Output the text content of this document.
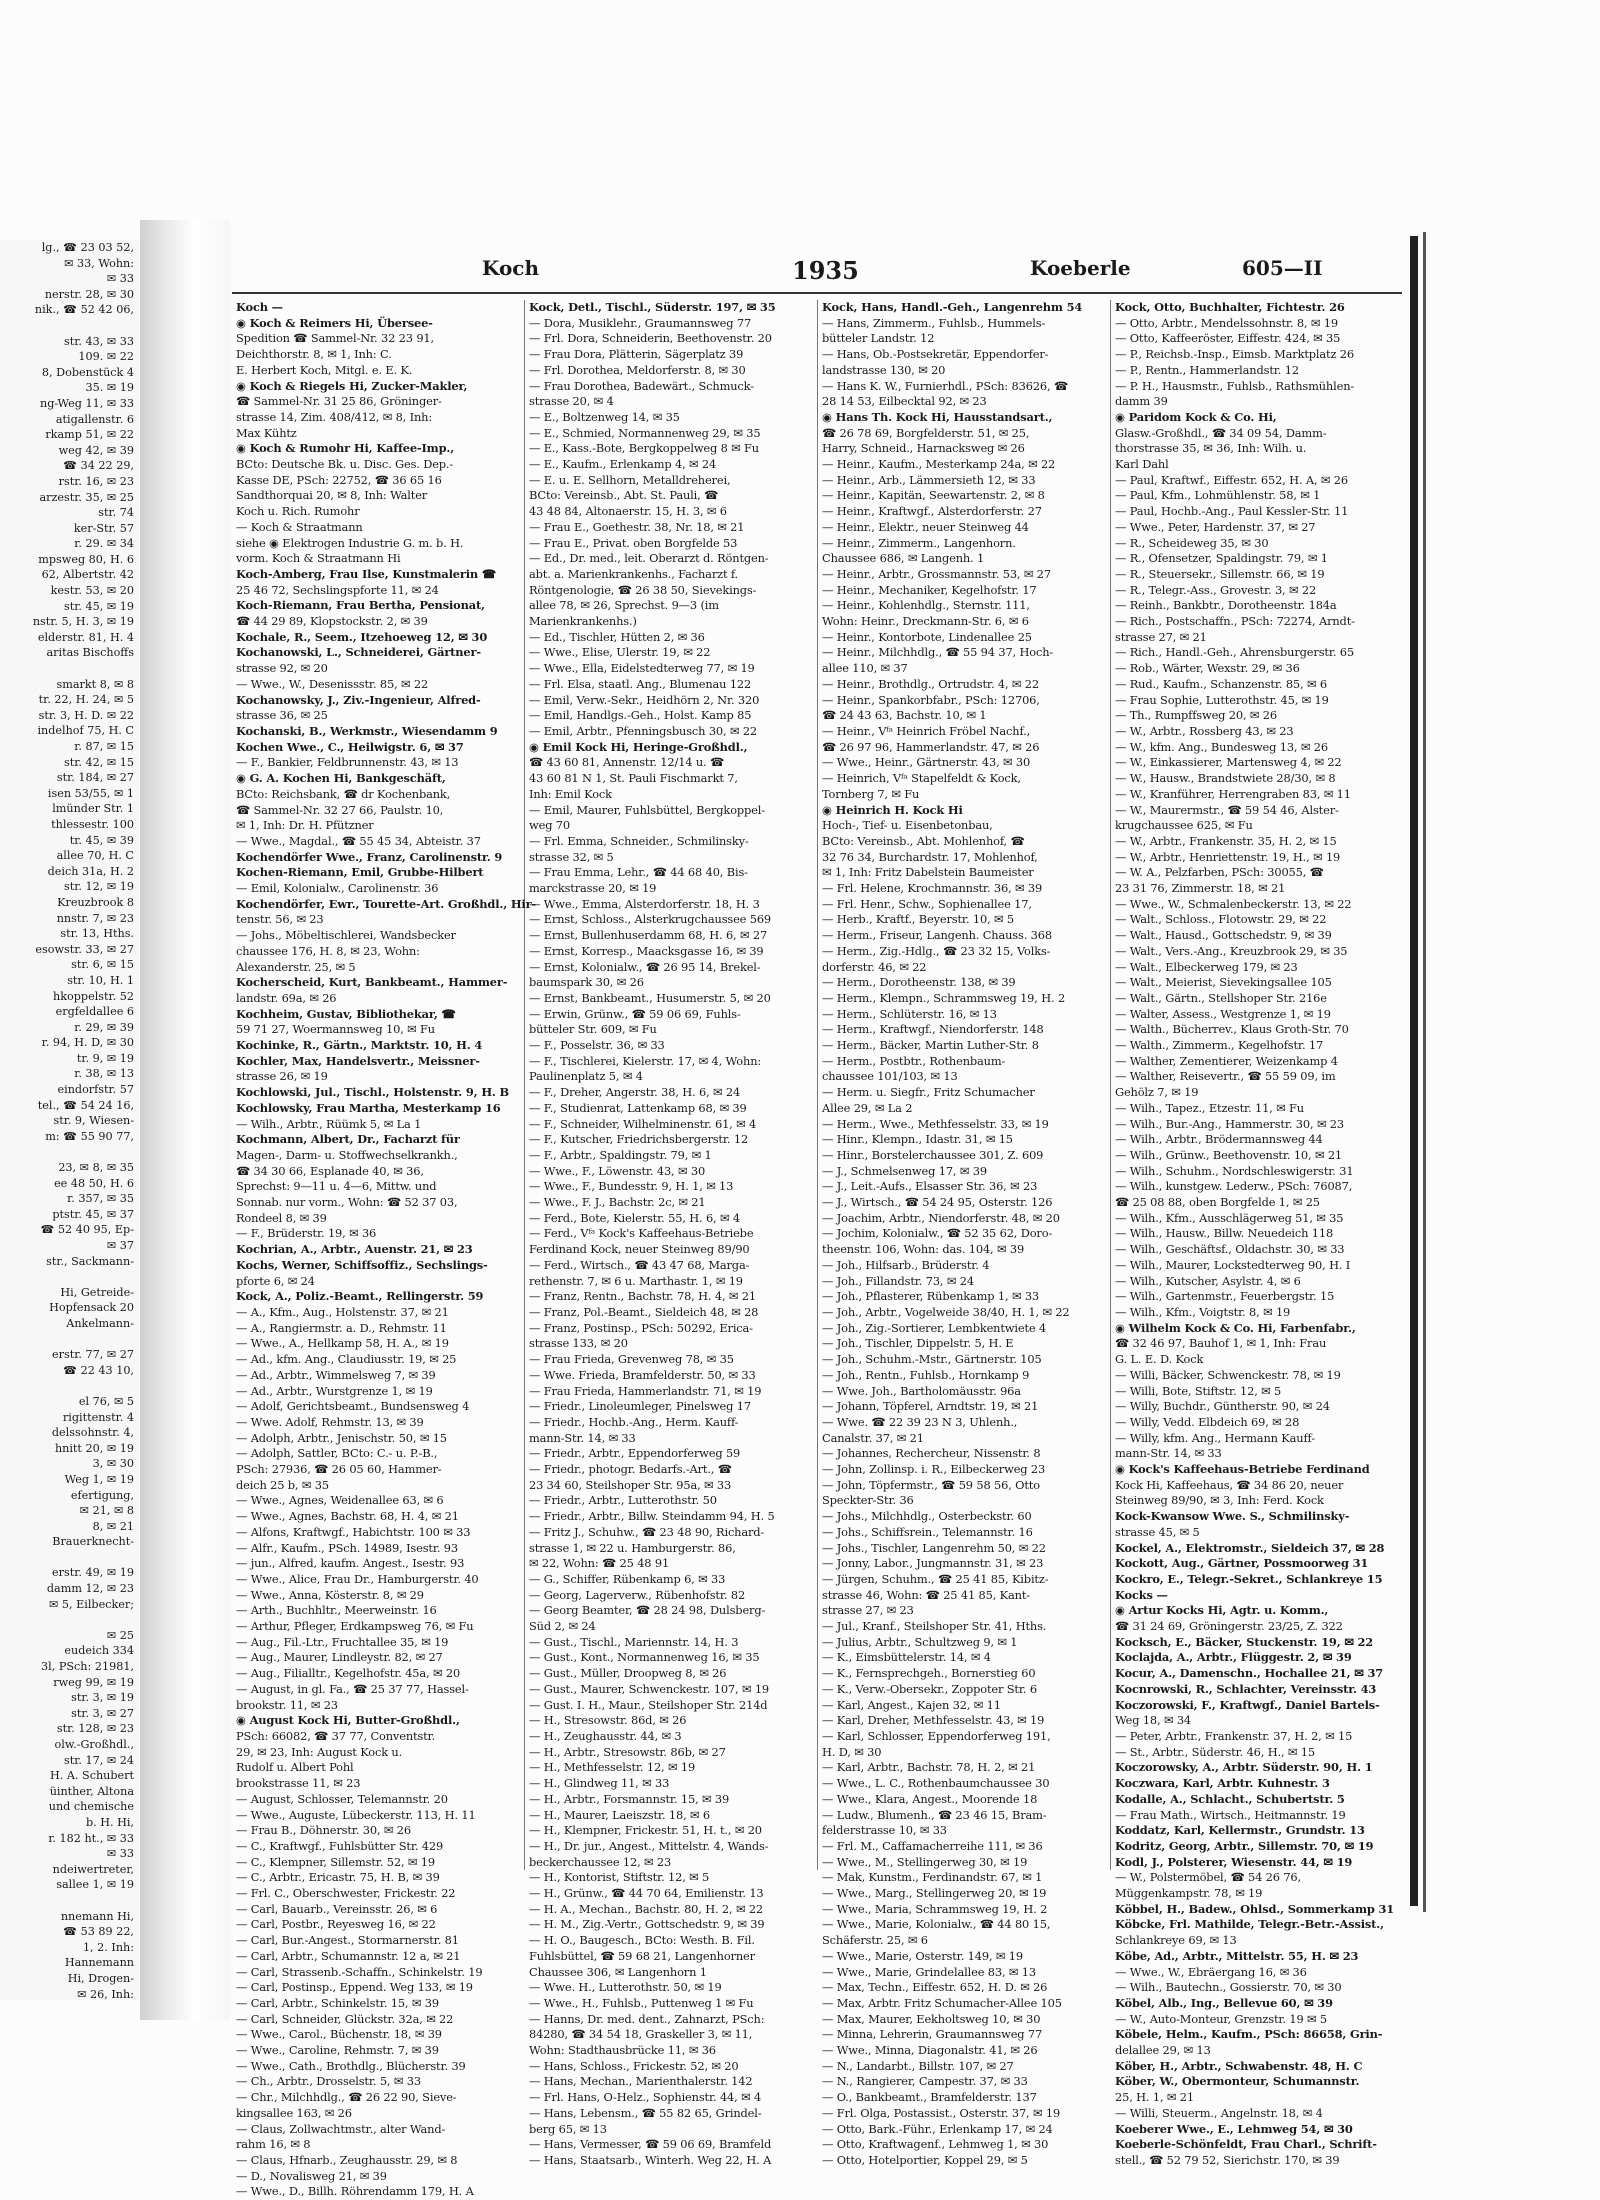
lg., ☎ 23 03 52,
✉ 33, Wohn:
✉ 33
nerstr. 28, ✉ 30
nik., ☎ 52 42 06,

str. 43, ✉ 33
109. ✉ 22
8, Dobenstück 4
35. ✉ 19
ng-Weg 11, ✉ 33
atigallenstr. 6
rkamp 51, ✉ 22
weg 42, ✉ 39
☎ 34 22 29,
rstr. 16, ✉ 23
arzestr. 35, ✉ 25
str. 74
ker-Str. 57
r. 29. ✉ 34
mpsweg 80, H. 6
62, Albertstr. 42
kestr. 53, ✉ 20
str. 45, ✉ 19
nstr. 5, H. 3, ✉ 19
elderstr. 81, H. 4
aritas Bischoffs

smarkt 8, ✉ 8
tr. 22, H. 24, ✉ 5
str. 3, H. D. ✉ 22
indelhof 75, H. C
r. 87, ✉ 15
str. 42, ✉ 15
str. 184, ✉ 27
isen 53/55, ✉ 1
lmünder Str. 1
thlessestr. 100
tr. 45, ✉ 39
allee 70, H. C
deich 31a, H. 2
str. 12, ✉ 19
Kreuzbrook 8
nnstr. 7, ✉ 23
str. 13, Hths.
esowstr. 33, ✉ 27
str. 6, ✉ 15
str. 10, H. 1
hkoppelstr. 52
ergfeldallee 6
r. 29, ✉ 39
r. 94, H. D, ✉ 30
tr. 9, ✉ 19
r. 38, ✉ 13
eindorfstr. 57
tel., ☎ 54 24 16,
str. 9, Wiesen-
m: ☎ 55 90 77,

23, ✉ 8, ✉ 35
ee 48 50, H. 6
r. 357, ✉ 35
ptstr. 45, ✉ 37
☎ 52 40 95, Ep-
✉ 37
str., Sackmann-

Hi, Getreide-
Hopfensack 20
Ankelmann-

erstr. 77, ✉ 27
☎ 22 43 10,

el 76, ✉ 5
rigittenstr. 4
delssohnstr. 4,
hnitt 20, ✉ 19
3, ✉ 30
Weg 1, ✉ 19
efertigung,
✉ 21, ✉ 8
8, ✉ 21
Brauerknecht-

erstr. 49, ✉ 19
damm 12, ✉ 23
✉ 5, Eilbecker;

✉ 25
eudeich 334
3l, PSch: 21981,
rweg 99, ✉ 19
str. 3, ✉ 19
str. 3, ✉ 27
str. 128, ✉ 23
olw.-Großhdl.,
str. 17, ✉ 24
H. A. Schubert
üinther, Altona
und chemische
b. H. Hi,
r. 182 ht., ✉ 33
✉ 33
ndeiwertreter,
sallee 1, ✉ 19

nnemann Hi,
☎ 53 89 22,
1, 2. Inh:
Hannemann
Hi, Drogen-
✉ 26, Inh:
Koch	1935	Koeberle	605—II
Koch —
◉ Koch & Reimers Hi, Übersee-
Spedition ☎ Sammel-Nr. 32 23 91,
Deichthorstr. 8, ✉ 1, Inh: C.
E. Herbert Koch, Mitgl. e. E. K.
◉ Koch & Riegels Hi, Zucker-Makler,
☎ Sammel-Nr. 31 25 86, Gröninger-
strasse 14, Zim. 408/412, ✉ 8, Inh:
Max Kühtz
◉ Koch & Rumohr Hi, Kaffee-Imp.,
BCto: Deutsche Bk. u. Disc. Ges. Dep.-
Kasse DE, PSch: 22752, ☎ 36 65 16
Sandthorquai 20, ✉ 8, Inh: Walter
Koch u. Rich. Rumohr
— Koch & Straatmann
siehe ◉ Elektrogen Industrie G. m. b. H.
vorm. Koch & Straatmann Hi
Koch-Amberg, Frau Ilse, Kunstmalerin ☎
25 46 72, Sechslingspforte 11, ✉ 24
Koch-Riemann, Frau Bertha, Pensionat,
☎ 44 29 89, Klopstockstr. 2, ✉ 39
Kochale, R., Seem., Itzehoeweg 12, ✉ 30
Kochanowski, L., Schneiderei, Gärtner-
strasse 92, ✉ 20
— Wwe., W., Desenissstr. 85, ✉ 22
Kochanowsky, J., Ziv.-Ingenieur, Alfred-
strasse 36, ✉ 25
Kochanski, B., Werkmstr., Wiesendamm 9
Kochen Wwe., C., Heilwigstr. 6, ✉ 37
— F., Bankier, Feldbrunnenstr. 43, ✉ 13
◉ G. A. Kochen Hi, Bankgeschäft,
BCto: Reichsbank, ☎ dr Kochenbank,
☎ Sammel-Nr. 32 27 66, Paulstr. 10,
✉ 1, Inh: Dr. H. Pfützner
— Wwe., Magdal., ☎ 55 45 34, Abteistr. 37
Kochendörfer Wwe., Franz, Carolinenstr. 9
Kochen-Riemann, Emil, Grubbe-Hilbert
— Emil, Kolonialw., Carolinenstr. 36
Kochendörfer, Ewr., Tourette-Art. Großhdl., Hir-
tenstr. 56, ✉ 23
— Johs., Möbeltischlerei, Wandsbecker
chaussee 176, H. 8, ✉ 23, Wohn:
Alexanderstr. 25, ✉ 5
Kocherscheid, Kurt, Bankbeamt., Hammer-
landstr. 69a, ✉ 26
Kochheim, Gustav, Bibliothekar, ☎
59 71 27, Woermannsweg 10, ✉ Fu
Kochinke, R., Gärtn., Marktstr. 10, H. 4
Kochler, Max, Handelsvertr., Meissner-
strasse 26, ✉ 19
Kochlowski, Jul., Tischl., Holstenstr. 9, H. B
Kochlowsky, Frau Martha, Mesterkamp 16
— Wilh., Arbtr., Rüümk 5, ✉ La 1
Kochmann, Albert, Dr., Facharzt für
Magen-, Darm- u. Stoffwechselkrankh.,
☎ 34 30 66, Esplanade 40, ✉ 36,
Sprechst: 9—11 u. 4—6, Mittw. und
Sonnab. nur vorm., Wohn: ☎ 52 37 03,
Rondeel 8, ✉ 39
— F., Brüderstr. 19, ✉ 36
Kochrian, A., Arbtr., Auenstr. 21, ✉ 23
Kochs, Werner, Schiffsoffiz., Sechslings-
pforte 6, ✉ 24
Kock, A., Poliz.-Beamt., Rellingerstr. 59
— A., Kfm., Aug., Holstenstr. 37, ✉ 21
— A., Rangiermstr. a. D., Rehmstr. 11
— Wwe., A., Hellkamp 58, H. A., ✉ 19
— Ad., kfm. Ang., Claudiusstr. 19, ✉ 25
— Ad., Arbtr., Wimmelsweg 7, ✉ 39
— Ad., Arbtr., Wurstgrenze 1, ✉ 19
— Adolf, Gerichtsbeamt., Bundsensweg 4
— Wwe. Adolf, Rehmstr. 13, ✉ 39
— Adolph, Arbtr., Jenischstr. 50, ✉ 15
— Adolph, Sattler, BCto: C.- u. P.-B.,
PSch: 27936, ☎ 26 05 60, Hammer-
deich 25 b, ✉ 35
— Wwe., Agnes, Weidenallee 63, ✉ 6
— Wwe., Agnes, Bachstr. 68, H. 4, ✉ 21
— Alfons, Kraftwgf., Habichtstr. 100 ✉ 33
— Alfr., Kaufm., PSch. 14989, Isestr. 93
— jun., Alfred, kaufm. Angest., Isestr. 93
— Wwe., Alice, Frau Dr., Hamburgerstr. 40
— Wwe., Anna, Kösterstr. 8, ✉ 29
— Arth., Buchhltr., Meerweinstr. 16
— Arthur, Pfleger, Erdkampsweg 76, ✉ Fu
— Aug., Fil.-Ltr., Fruchtallee 35, ✉ 19
— Aug., Maurer, Lindleystr. 82, ✉ 27
— Aug., Filialltr., Kegelhofstr. 45a, ✉ 20
— August, in gl. Fa., ☎ 25 37 77, Hassel-
brookstr. 11, ✉ 23
◉ August Kock Hi, Butter-Großhdl.,
PSch: 66082, ☎ 37 77, Conventstr.
29, ✉ 23, Inh: August Kock u.
Rudolf u. Albert Pohl
brookstrasse 11, ✉ 23
— August, Schlosser, Telemannstr. 20
— Wwe., Auguste, Lübeckerstr. 113, H. 11
— Frau B., Döhnerstr. 30, ✉ 26
— C., Kraftwgf., Fuhlsbütter Str. 429
— C., Klempner, Sillemstr. 52, ✉ 19
— C., Arbtr., Ericastr. 75, H. B, ✉ 39
— Frl. C., Oberschwester, Frickestr. 22
— Carl, Bauarb., Vereinsstr. 26, ✉ 6
— Carl, Postbr., Reyesweg 16, ✉ 22
— Carl, Bur.-Angest., Stormarnerstr. 81
— Carl, Arbtr., Schumannstr. 12 a, ✉ 21
— Carl, Strassenb.-Schaffn., Schinkelstr. 19
— Carl, Postinsp., Eppend. Weg 133, ✉ 19
— Carl, Arbtr., Schinkelstr. 15, ✉ 39
— Carl, Schneider, Glückstr. 32a, ✉ 22
— Wwe., Carol., Büchenstr. 18, ✉ 39
— Wwe., Caroline, Rehmstr. 7, ✉ 39
— Wwe., Cath., Brothdlg., Blücherstr. 39
— Ch., Arbtr., Drosselstr. 5, ✉ 33
— Chr., Milchhdlg., ☎ 26 22 90, Sieve-
kingsallee 163, ✉ 26
— Claus, Zollwachtmstr., alter Wand-
rahm 16, ✉ 8
— Claus, Hfnarb., Zeughausstr. 29, ✉ 8
— D., Novalisweg 21, ✉ 39
— Wwe., D., Billh. Röhrendamm 179, H. A
Kock, Detl., Tischl., Süderstr. 197, ✉ 35
— Dora, Musiklehr., Graumannsweg 77
— Frl. Dora, Schneiderin, Beethovenstr. 20
— Frau Dora, Plätterin, Sägerplatz 39
— Frl. Dorothea, Meldorferstr. 8, ✉ 30
— Frau Dorothea, Badewärt., Schmuck-
strasse 20, ✉ 4
— E., Boltzenweg 14, ✉ 35
— E., Schmied, Normannenweg 29, ✉ 35
— E., Kass.-Bote, Bergkoppelweg 8 ✉ Fu
— E., Kaufm., Erlenkamp 4, ✉ 24
— E. u. E. Sellhorn, Metalldreherei,
BCto: Vereinsb., Abt. St. Pauli, ☎
43 48 84, Altonaerstr. 15, H. 3, ✉ 6
— Frau E., Goethestr. 38, Nr. 18, ✉ 21
— Frau E., Privat. oben Borgfelde 53
— Ed., Dr. med., leit. Oberarzt d. Röntgen-
abt. a. Marienkrankenhs., Facharzt f.
Röntgenologie, ☎ 26 38 50, Sievekings-
allee 78, ✉ 26, Sprechst. 9—3 (im
Marienkrankenhs.)
— Ed., Tischler, Hütten 2, ✉ 36
— Wwe., Elise, Ulerstr. 19, ✉ 22
— Wwe., Ella, Eidelstedterweg 77, ✉ 19
— Frl. Elsa, staatl. Ang., Blumenau 122
— Emil, Verw.-Sekr., Heidhörn 2, Nr. 320
— Emil, Handlgs.-Geh., Holst. Kamp 85
— Emil, Arbtr., Pfenningsbusch 30, ✉ 22
◉ Emil Kock Hi, Heringe-Großhdl.,
☎ 43 60 81, Annenstr. 12/14 u. ☎
43 60 81 N 1, St. Pauli Fischmarkt 7,
Inh: Emil Kock
— Emil, Maurer, Fuhlsbüttel, Bergkoppel-
weg 70
— Frl. Emma, Schneider., Schmilinsky-
strasse 32, ✉ 5
— Frau Emma, Lehr., ☎ 44 68 40, Bis-
marckstrasse 20, ✉ 19
— Wwe., Emma, Alsterdorferstr. 18, H. 3
— Ernst, Schloss., Alsterkrugchaussee 569
— Ernst, Bullenhuserdamm 68, H. 6, ✉ 27
— Ernst, Korresp., Maacksgasse 16, ✉ 39
— Ernst, Kolonialw., ☎ 26 95 14, Brekel-
baumspark 30, ✉ 26
— Ernst, Bankbeamt., Husumerstr. 5, ✉ 20
— Erwin, Grünw., ☎ 59 06 69, Fuhls-
bütteler Str. 609, ✉ Fu
— F., Posselstr. 36, ✉ 33
— F., Tischlerei, Kielerstr. 17, ✉ 4, Wohn:
Paulinenplatz 5, ✉ 4
— F., Dreher, Angerstr. 38, H. 6, ✉ 24
— F., Studienrat, Lattenkamp 68, ✉ 39
— F., Schneider, Wilhelminenstr. 61, ✉ 4
— F., Kutscher, Friedrichsbergerstr. 12
— F., Arbtr., Spaldingstr. 79, ✉ 1
— Wwe., F., Löwenstr. 43, ✉ 30
— Wwe., F., Bundesstr. 9, H. 1, ✉ 13
— Wwe., F. J., Bachstr. 2c, ✉ 21
— Ferd., Bote, Kielerstr. 55, H. 6, ✉ 4
— Ferd., Vᶠᵃ Kock's Kaffeehaus-Betriebe
Ferdinand Kock, neuer Steinweg 89/90
— Ferd., Wirtsch., ☎ 43 47 68, Marga-
rethenstr. 7, ✉ 6 u. Marthastr. 1, ✉ 19
— Franz, Rentn., Bachstr. 78, H. 4, ✉ 21
— Franz, Pol.-Beamt., Sieldeich 48, ✉ 28
— Franz, Postinsp., PSch: 50292, Erica-
strasse 133, ✉ 20
— Frau Frieda, Grevenweg 78, ✉ 35
— Wwe. Frieda, Bramfelderstr. 50, ✉ 33
— Frau Frieda, Hammerlandstr. 71, ✉ 19
— Friedr., Linoleumleger, Pinelsweg 17
— Friedr., Hochb.-Ang., Herm. Kauff-
mann-Str. 14, ✉ 33
— Friedr., Arbtr., Eppendorferweg 59
— Friedr., photogr. Bedarfs.-Art., ☎
23 34 60, Steilshoper Str. 95a, ✉ 33
— Friedr., Arbtr., Lutterothstr. 50
— Friedr., Arbtr., Billw. Steindamm 94, H. 5
— Fritz J., Schuhw., ☎ 23 48 90, Richard-
strasse 1, ✉ 22 u. Hamburgerstr. 86,
✉ 22, Wohn: ☎ 25 48 91
— G., Schiffer, Rübenkamp 6, ✉ 33
— Georg, Lagerverw., Rübenhofstr. 82
— Georg Beamter, ☎ 28 24 98, Dulsberg-
Süd 2, ✉ 24
— Gust., Tischl., Mariennstr. 14, H. 3
— Gust., Kont., Normannenweg 16, ✉ 35
— Gust., Müller, Droopweg 8, ✉ 26
— Gust., Maurer, Schwenckestr. 107, ✉ 19
— Gust. I. H., Maur., Steilshoper Str. 214d
— H., Stresowstr. 86d, ✉ 26
— H., Zeughausstr. 44, ✉ 3
— H., Arbtr., Stresowstr. 86b, ✉ 27
— H., Methfesselstr. 12, ✉ 19
— H., Glindweg 11, ✉ 33
— H., Arbtr., Forsmannstr. 15, ✉ 39
— H., Maurer, Laeiszstr. 18, ✉ 6
— H., Klempner, Frickestr. 51, H. t., ✉ 20
— H., Dr. jur., Angest., Mittelstr. 4, Wands-
beckerchaussee 12, ✉ 23
— H., Kontorist, Stiftstr. 12, ✉ 5
— H., Grünw., ☎ 44 70 64, Emilienstr. 13
— H. A., Mechan., Bachstr. 80, H. 2, ✉ 22
— H. M., Zig.-Vertr., Gottschedstr. 9, ✉ 39
— H. O., Baugesch., BCto: Westh. B. Fil.
Fuhlsbüttel, ☎ 59 68 21, Langenhorner
Chaussee 306, ✉ Langenhorn 1
— Wwe. H., Lutterothstr. 50, ✉ 19
— Wwe., H., Fuhlsb., Puttenweg 1 ✉ Fu
— Hanns, Dr. med. dent., Zahnarzt, PSch:
84280, ☎ 34 54 18, Graskeller 3, ✉ 11,
Wohn: Stadthausbrücke 11, ✉ 36
— Hans, Schloss., Frickestr. 52, ✉ 20
— Hans, Mechan., Marienthalerstr. 142
— Frl. Hans, O-Helz., Sophienstr. 44, ✉ 4
— Hans, Lebensm., ☎ 55 82 65, Grindel-
berg 65, ✉ 13
— Hans, Vermesser, ☎ 59 06 69, Bramfeld
— Hans, Staatsarb., Winterh. Weg 22, H. A
Kock, Hans, Handl.-Geh., Langenrehm 54
— Hans, Zimmerm., Fuhlsb., Hummels-
bütteler Landstr. 12
— Hans, Ob.-Postsekretär, Eppendorfer-
landstrasse 130, ✉ 20
— Hans K. W., Furnierhdl., PSch: 83626, ☎
28 14 53, Eilbecktal 92, ✉ 23
◉ Hans Th. Kock Hi, Hausstandsart.,
☎ 26 78 69, Borgfelderstr. 51, ✉ 25,
Harry, Schneid., Harnacksweg ✉ 26
— Heinr., Kaufm., Mesterkamp 24a, ✉ 22
— Heinr., Arb., Lämmersieth 12, ✉ 33
— Heinr., Kapitän, Seewartenstr. 2, ✉ 8
— Heinr., Kraftwgf., Alsterdorferstr. 27
— Heinr., Elektr., neuer Steinweg 44
— Heinr., Zimmerm., Langenhorn.
Chaussee 686, ✉ Langenh. 1
— Heinr., Arbtr., Grossmannstr. 53, ✉ 27
— Heinr., Mechaniker, Kegelhofstr. 17
— Heinr., Kohlenhdlg., Sternstr. 111,
Wohn: Heinr., Dreckmann-Str. 6, ✉ 6
— Heinr., Kontorbote, Lindenallee 25
— Heinr., Milchhdlg., ☎ 55 94 37, Hoch-
allee 110, ✉ 37
— Heinr., Brothdlg., Ortrudstr. 4, ✉ 22
— Heinr., Spankorbfabr., PSch: 12706,
☎ 24 43 63, Bachstr. 10, ✉ 1
— Heinr., Vᶠᵃ Heinrich Fröbel Nachf.,
☎ 26 97 96, Hammerlandstr. 47, ✉ 26
— Wwe., Heinr., Gärtnerstr. 43, ✉ 30
— Heinrich, Vᶠᵃ Stapelfeldt & Kock,
Tornberg 7, ✉ Fu
◉ Heinrich H. Kock Hi
Hoch-, Tief- u. Eisenbetonbau,
BCto: Vereinsb., Abt. Mohlenhof, ☎
32 76 34, Burchardstr. 17, Mohlenhof,
✉ 1, Inh: Fritz Dabelstein Baumeister
— Frl. Helene, Krochmannstr. 36, ✉ 39
— Frl. Henr., Schw., Sophienallee 17,
— Herb., Kraftf., Beyerstr. 10, ✉ 5
— Herm., Friseur, Langenh. Chauss. 368
— Herm., Zig.-Hdlg., ☎ 23 32 15, Volks-
dorferstr. 46, ✉ 22
— Herm., Dorotheenstr. 138, ✉ 39
— Herm., Klempn., Schrammsweg 19, H. 2
— Herm., Schlüterstr. 16, ✉ 13
— Herm., Kraftwgf., Niendorferstr. 148
— Herm., Bäcker, Martin Luther-Str. 8
— Herm., Postbtr., Rothenbaum-
chaussee 101/103, ✉ 13
— Herm. u. Siegfr., Fritz Schumacher
Allee 29, ✉ La 2
— Herm., Wwe., Methfesselstr. 33, ✉ 19
— Hinr., Klempn., Idastr. 31, ✉ 15
— Hinr., Borstelerchaussee 301, Z. 609
— J., Schmelsenweg 17, ✉ 39
— J., Leit.-Aufs., Elsasser Str. 36, ✉ 23
— J., Wirtsch., ☎ 54 24 95, Osterstr. 126
— Joachim, Arbtr., Niendorferstr. 48, ✉ 20
— Jochim, Kolonialw., ☎ 52 35 62, Doro-
theenstr. 106, Wohn: das. 104, ✉ 39
— Joh., Hilfsarb., Brüderstr. 4
— Joh., Fillandstr. 73, ✉ 24
— Joh., Pflasterer, Rübenkamp 1, ✉ 33
— Joh., Arbtr., Vogelweide 38/40, H. 1, ✉ 22
— Joh., Zig.-Sortierer, Lembkentwiete 4
— Joh., Tischler, Dippelstr. 5, H. E
— Joh., Schuhm.-Mstr., Gärtnerstr. 105
— Joh., Rentn., Fuhlsb., Hornkamp 9
— Wwe. Joh., Bartholomäusstr. 96a
— Johann, Töpferel, Arndtstr. 19, ✉ 21
— Wwe. ☎ 22 39 23 N 3, Uhlenh.,
Canalstr. 37, ✉ 21
— Johannes, Rechercheur, Nissenstr. 8
— John, Zollinsp. i. R., Eilbeckerweg 23
— John, Töpfermstr., ☎ 59 58 56, Otto
Speckter-Str. 36
— Johs., Milchhdlg., Osterbeckstr. 60
— Johs., Schiffsrein., Telemannstr. 16
— Johs., Tischler, Langenrehm 50, ✉ 22
— Jonny, Labor., Jungmannstr. 31, ✉ 23
— Jürgen, Schuhm., ☎ 25 41 85, Kibitz-
strasse 46, Wohn: ☎ 25 41 85, Kant-
strasse 27, ✉ 23
— Jul., Kranf., Steilshoper Str. 41, Hths.
— Julius, Arbtr., Schultzweg 9, ✉ 1
— K., Eimsbüttelerstr. 14, ✉ 4
— K., Fernsprechgeh., Bornerstieg 60
— K., Verw.-Obersekr., Zoppoter Str. 6
— Karl, Angest., Kajen 32, ✉ 11
— Karl, Dreher, Methfesselstr. 43, ✉ 19
— Karl, Schlosser, Eppendorferweg 191,
H. D, ✉ 30
— Karl, Arbtr., Bachstr. 78, H. 2, ✉ 21
— Wwe., L. C., Rothenbaumchaussee 30
— Wwe., Klara, Angest., Moorende 18
— Ludw., Blumenh., ☎ 23 46 15, Bram-
felderstrasse 10, ✉ 33
— Frl. M., Caffamacherreihe 111, ✉ 36
— Wwe., M., Stellingerweg 30, ✉ 19
— Mak, Kunstm., Ferdinandstr. 67, ✉ 1
— Wwe., Marg., Stellingerweg 20, ✉ 19
— Wwe., Maria, Schrammsweg 19, H. 2
— Wwe., Marie, Kolonialw., ☎ 44 80 15,
Schäferstr. 25, ✉ 6
— Wwe., Marie, Osterstr. 149, ✉ 19
— Wwe., Marie, Grindelallee 83, ✉ 13
— Max, Techn., Eiffestr. 652, H. D. ✉ 26
— Max, Arbtr. Fritz Schumacher-Allee 105
— Max, Maurer, Eekholtsweg 10, ✉ 30
— Minna, Lehrerin, Graumannsweg 77
— Wwe., Minna, Diagonalstr. 41, ✉ 26
— N., Landarbt., Billstr. 107, ✉ 27
— N., Rangierer, Campestr. 37, ✉ 33
— O., Bankbeamt., Bramfelderstr. 137
— Frl. Olga, Postassist., Osterstr. 37, ✉ 19
— Otto, Bark.-Führ., Erlenkamp 17, ✉ 24
— Otto, Kraftwagenf., Lehmweg 1, ✉ 30
— Otto, Hotelportier, Koppel 29, ✉ 5
Kock, Otto, Buchhalter, Fichtestr. 26
— Otto, Arbtr., Mendelssohnstr. 8, ✉ 19
— Otto, Kaffeeröster, Eiffestr. 424, ✉ 35
— P., Reichsb.-Insp., Eimsb. Marktplatz 26
— P., Rentn., Hammerlandstr. 12
— P. H., Hausmstr., Fuhlsb., Rathsmühlen-
damm 39
◉ Paridom Kock & Co. Hi,
Glasw.-Großhdl., ☎ 34 09 54, Damm-
thorstrasse 35, ✉ 36, Inh: Wilh. u.
Karl Dahl
— Paul, Kraftwf., Eiffestr. 652, H. A, ✉ 26
— Paul, Kfm., Lohmühlenstr. 58, ✉ 1
— Paul, Hochb.-Ang., Paul Kessler-Str. 11
— Wwe., Peter, Hardenstr. 37, ✉ 27
— R., Scheideweg 35, ✉ 30
— R., Ofensetzer, Spaldingstr. 79, ✉ 1
— R., Steuersekr., Sillemstr. 66, ✉ 19
— R., Telegr.-Ass., Grovestr. 3, ✉ 22
— Reinh., Bankbtr., Dorotheenstr. 184a
— Rich., Postschaffn., PSch: 72274, Arndt-
strasse 27, ✉ 21
— Rich., Handl.-Geh., Ahrensburgerstr. 65
— Rob., Wärter, Wexstr. 29, ✉ 36
— Rud., Kaufm., Schanzenstr. 85, ✉ 6
— Frau Sophie, Lutterothstr. 45, ✉ 19
— Th., Rumpffsweg 20, ✉ 26
— W., Arbtr., Rossberg 43, ✉ 23
— W., kfm. Ang., Bundesweg 13, ✉ 26
— W., Einkassierer, Martensweg 4, ✉ 22
— W., Hausw., Brandstwiete 28/30, ✉ 8
— W., Kranführer, Herrengraben 83, ✉ 11
— W., Maurermstr., ☎ 59 54 46, Alster-
krugchaussee 625, ✉ Fu
— W., Arbtr., Frankenstr. 35, H. 2, ✉ 15
— W., Arbtr., Henriettenstr. 19, H., ✉ 19
— W. A., Pelzfarben, PSch: 30055, ☎
23 31 76, Zimmerstr. 18, ✉ 21
— Wwe., W., Schmalenbeckerstr. 13, ✉ 22
— Walt., Schloss., Flotowstr. 29, ✉ 22
— Walt., Hausd., Gottschedstr. 9, ✉ 39
— Walt., Vers.-Ang., Kreuzbrook 29, ✉ 35
— Walt., Elbeckerweg 179, ✉ 23
— Walt., Meierist, Sievekingsallee 105
— Walt., Gärtn., Stellshoper Str. 216e
— Walter, Assess., Westgrenze 1, ✉ 19
— Walth., Bücherrev., Klaus Groth-Str. 70
— Walth., Zimmerm., Kegelhofstr. 17
— Walther, Zementierer, Weizenkamp 4
— Walther, Reisevertr., ☎ 55 59 09, im
Gehölz 7, ✉ 19
— Wilh., Tapez., Etzestr. 11, ✉ Fu
— Wilh., Bur.-Ang., Hammerstr. 30, ✉ 23
— Wilh., Arbtr., Brödermannsweg 44
— Wilh., Grünw., Beethovenstr. 10, ✉ 21
— Wilh., Schuhm., Nordschleswigerstr. 31
— Wilh., kunstgew. Lederw., PSch: 76087,
☎ 25 08 88, oben Borgfelde 1, ✉ 25
— Wilh., Kfm., Ausschlägerweg 51, ✉ 35
— Wilh., Hausw., Billw. Neuedeich 118
— Wilh., Geschäftsf., Oldachstr. 30, ✉ 33
— Wilh., Maurer, Lockstedterweg 90, H. I
— Wilh., Kutscher, Asylstr. 4, ✉ 6
— Wilh., Gartenmstr., Feuerbergstr. 15
— Wilh., Kfm., Voigtstr. 8, ✉ 19
◉ Wilhelm Kock & Co. Hi, Farbenfabr.,
☎ 32 46 97, Bauhof 1, ✉ 1, Inh: Frau
G. L. E. D. Kock
— Willi, Bäcker, Schwenckestr. 78, ✉ 19
— Willi, Bote, Stiftstr. 12, ✉ 5
— Willy, Buchdr., Güntherstr. 90, ✉ 24
— Willy, Vedd. Elbdeich 69, ✉ 28
— Willy, kfm. Ang., Hermann Kauff-
mann-Str. 14, ✉ 33
◉ Kock's Kaffeehaus-Betriebe Ferdinand
Kock Hi, Kaffeehaus, ☎ 34 86 20, neuer
Steinweg 89/90, ✉ 3, Inh: Ferd. Kock
Kock-Kwansow Wwe. S., Schmilinsky-
strasse 45, ✉ 5
Kockel, A., Elektromstr., Sieldeich 37, ✉ 28
Kockott, Aug., Gärtner, Possmoorweg 31
Kockro, E., Telegr.-Sekret., Schlankreye 15
Kocks —
◉ Artur Kocks Hi, Agtr. u. Komm.,
☎ 31 24 69, Gröningerstr. 23/25, Z. 322
Kocksch, E., Bäcker, Stuckenstr. 19, ✉ 22
Koclajda, A., Arbtr., Flüggestr. 2, ✉ 39
Kocur, A., Damenschn., Hochallee 21, ✉ 37
Kocnrowski, R., Schlachter, Vereinsstr. 43
Koczorowski, F., Kraftwgf., Daniel Bartels-
Weg 18, ✉ 34
— Peter, Arbtr., Frankenstr. 37, H. 2, ✉ 15
— St., Arbtr., Süderstr. 46, H., ✉ 15
Koczorowsky, A., Arbtr. Süderstr. 90, H. 1
Koczwara, Karl, Arbtr. Kuhnestr. 3
Kodalle, A., Schlacht., Schubertstr. 5
— Frau Math., Wirtsch., Heitmannstr. 19
Koddatz, Karl, Kellermstr., Grundstr. 13
Kodritz, Georg, Arbtr., Sillemstr. 70, ✉ 19
Kodl, J., Polsterer, Wiesenstr. 44, ✉ 19
— W., Polstermöbel, ☎ 54 26 76,
Müggenkampstr. 78, ✉ 19
Köbbel, H., Badew., Ohlsd., Sommerkamp 31
Köbcke, Frl. Mathilde, Telegr.-Betr.-Assist.,
Schlankreye 69, ✉ 13
Köbe, Ad., Arbtr., Mittelstr. 55, H. ✉ 23
— Wwe., W., Ebräergang 16, ✉ 36
— Wilh., Bautechn., Gossierstr. 70, ✉ 30
Köbel, Alb., Ing., Bellevue 60, ✉ 39
— W., Auto-Monteur, Grenzstr. 19 ✉ 5
Köbele, Helm., Kaufm., PSch: 86658, Grin-
delallee 29, ✉ 13
Köber, H., Arbtr., Schwabenstr. 48, H. C
Köber, W., Obermonteur, Schumannstr.
25, H. 1, ✉ 21
— Willi, Steuerm., Angelnstr. 18, ✉ 4
Koeberer Wwe., E., Lehmweg 54, ✉ 30
Koeberle-Schönfeldt, Frau Charl., Schrift-
stell., ☎ 52 79 52, Sierichstr. 170, ✉ 39
